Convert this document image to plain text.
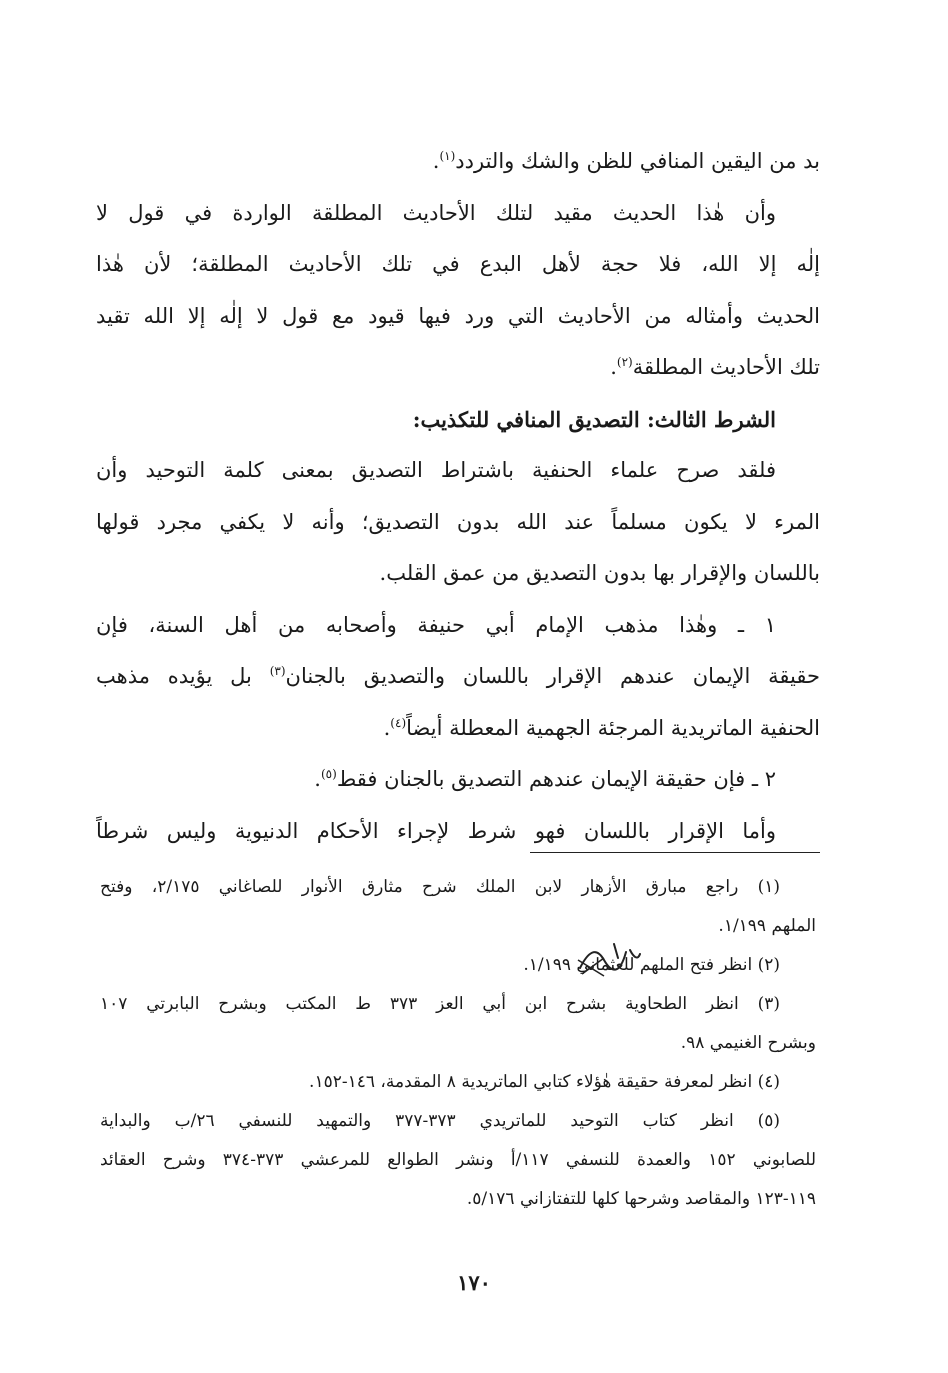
بد من اليقين المنافي للظن والشك والتردد$^{(١)}$.
وأن هٰذا الحديث مقيد لتلك الأحاديث المطلقة الواردة في قول لا
إلٰه إلا الله، فلا حجة لأهل البدع في تلك الأحاديث المطلقة؛ لأن هٰذا
الحديث وأمثاله من الأحاديث التي ورد فيها قيود مع قول لا إلٰه إلا الله تقيد
تلك الأحاديث المطلقة$^{(٢)}$.
الشرط الثالث: التصديق المنافي للتكذيب:
فلقد صرح علماء الحنفية باشتراط التصديق بمعنى كلمة التوحيد وأن
المرء لا يكون مسلماً عند الله بدون التصديق؛ وأنه لا يكفي مجرد قولها
باللسان والإقرار بها بدون التصديق من عمق القلب.
١ ـ وهٰذا مذهب الإمام أبي حنيفة وأصحابه من أهل السنة، فإن
حقيقة الإيمان عندهم الإقرار باللسان والتصديق بالجنان$^{(٣)}$ بل يؤيده مذهب
الحنفية الماتريدية المرجئة الجهمية المعطلة أيضاً$^{(٤)}$.
٢ ـ فإن حقيقة الإيمان عندهم التصديق بالجنان فقط$^{(٥)}$.
وأما الإقرار باللسان فهو شرط لإجراء الأحكام الدنيوية وليس شرطاً
(١) راجع مبارق الأزهار لابن الملك شرح مثارق الأنوار للصاغاني ٢/١٧٥، وفتح
الملهم ١/١٩٩.
(٢) انظر فتح الملهم للعثماني ١/١٩٩.
(٣) انظر الطحاوية بشرح ابن أبي العز ٣٧٣ ط المكتب وبشرح البابرتي ١٠٧
وبشرح الغنيمي ٩٨.
(٤) انظر لمعرفة حقيقة هٰؤلاء كتابي الماتريدية ٨ المقدمة، ١٤٦-١٥٢.
(٥) انظر كتاب التوحيد للماتريدي ٣٧٣-٣٧٧ والتمهيد للنسفي ٢٦/ب والبداية
للصابوني ١٥٢ والعمدة للنسفي ١١٧/أ ونشر الطوالع للمرعشي ٣٧٣-٣٧٤ وشرح العقائد
١١٩-١٢٣ والمقاصد وشرحها كلها للتفتازاني ٥/١٧٦.
١٧٠
